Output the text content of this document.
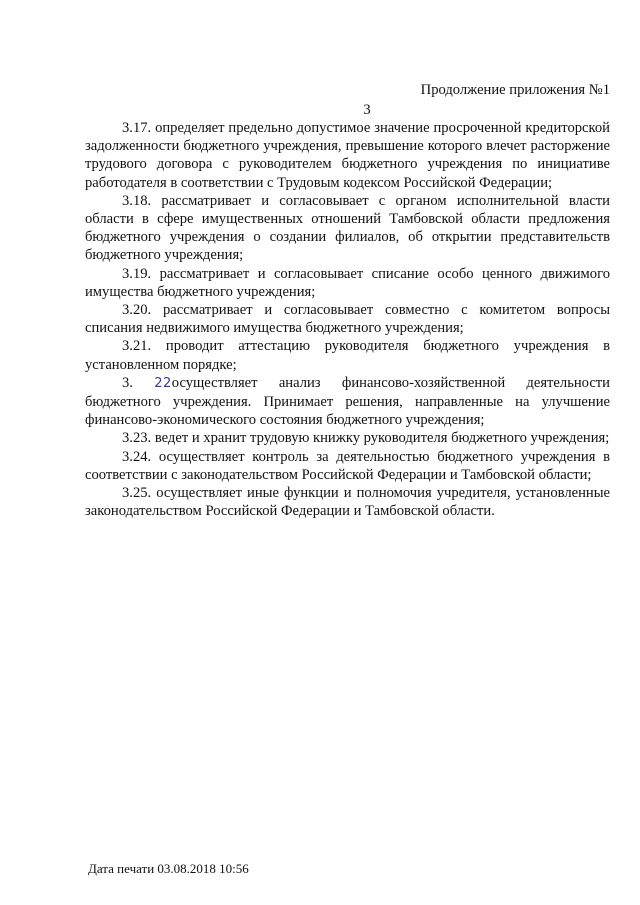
Продолжение приложения №1
3

3.17. определяет предельно допустимое значение просроченной кредиторской задолженности бюджетного учреждения, превышение которого влечет расторжение трудового договора с руководителем бюджетного учреждения по инициативе работодателя в соответствии с Трудовым кодексом Российской Федерации;

3.18. рассматривает и согласовывает с органом исполнительной власти области в сфере имущественных отношений Тамбовской области предложения бюджетного учреждения о создании филиалов, об открытии представительств бюджетного учреждения;

3.19. рассматривает и согласовывает списание особо ценного движимого имущества бюджетного учреждения;

3.20. рассматривает и согласовывает совместно с комитетом вопросы списания недвижимого имущества бюджетного учреждения;

3.21. проводит аттестацию руководителя бюджетного учреждения в установленном порядке;

3. 22осуществляет анализ финансово-хозяйственной деятельности бюджетного учреждения. Принимает решения, направленные на улучшение финансово-экономического состояния бюджетного учреждения;

3.23. ведет и хранит трудовую книжку руководителя бюджетного учреждения;

3.24. осуществляет контроль за деятельностью бюджетного учреждения в соответствии с законодательством Российской Федерации и Тамбовской области;

3.25. осуществляет иные функции и полномочия учредителя, установленные законодательством Российской Федерации и Тамбовской области.

Дата печати 03.08.2018 10:56
